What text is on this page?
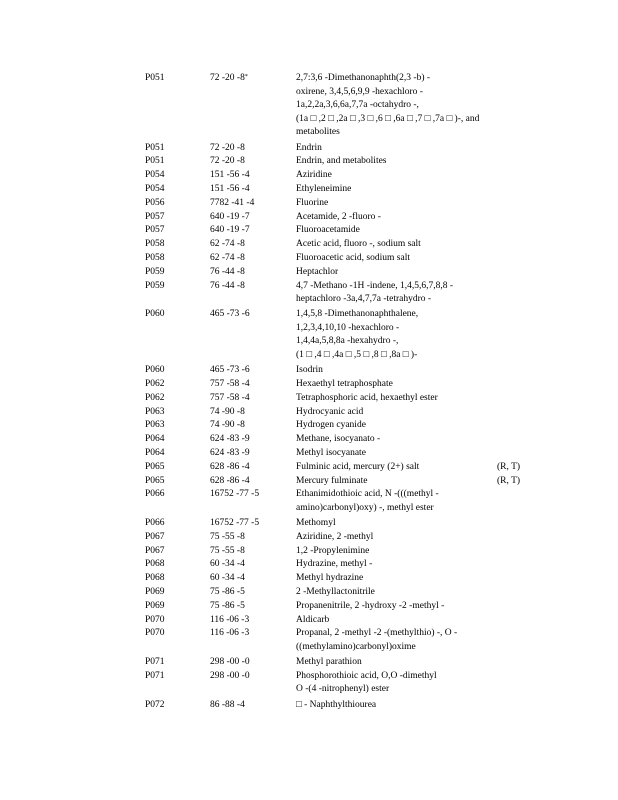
P051	72 -20 -8*	2,7:3,6 -Dimethanonaphth(2,3 -b) -
oxirene, 3,4,5,6,9,9 -hexachloro -
1a,2,2a,3,6,6a,7,7a -octahydro -,
(1a □ ,2 □ ,2a □ ,3 □ ,6 □ ,6a □ ,7 □ ,7a □ )-, and
metabolites
P051	72 -20 -8	Endrin
P051	72 -20 -8	Endrin, and metabolites
P054	151 -56 -4	Aziridine
P054	151 -56 -4	Ethyleneimine
P056	7782 -41 -4	Fluorine
P057	640 -19 -7	Acetamide, 2 -fluoro -
P057	640 -19 -7	Fluoroacetamide
P058	62 -74 -8	Acetic acid, fluoro -, sodium salt
P058	62 -74 -8	Fluoroacetic acid, sodium salt
P059	76 -44 -8	Heptachlor
P059	76 -44 -8	4,7 -Methano -1H -indene, 1,4,5,6,7,8,8 -
heptachloro -3a,4,7,7a -tetrahydro -
P060	465 -73 -6	1,4,5,8 -Dimethanonaphthalene,
1,2,3,4,10,10 -hexachloro -
1,4,4a,5,8,8a -hexahydro -,
(1 □ ,4 □ ,4a □ ,5 □ ,8 □ ,8a □ )-
P060	465 -73 -6	Isodrin
P062	757 -58 -4	Hexaethyl tetraphosphate
P062	757 -58 -4	Tetraphosphoric acid, hexaethyl ester
P063	74 -90 -8	Hydrocyanic acid
P063	74 -90 -8	Hydrogen cyanide
P064	624 -83 -9	Methane, isocyanato -
P064	624 -83 -9	Methyl isocyanate
P065	628 -86 -4	Fulminic acid, mercury (2+) salt	(R, T)
P065	628 -86 -4	Mercury fulminate	(R, T)
P066	16752 -77 -5	Ethanimidothioic acid, N -(((methyl -
amino)carbonyl)oxy) -, methyl ester
P066	16752 -77 -5	Methomyl
P067	75 -55 -8	Aziridine, 2 -methyl
P067	75 -55 -8	1,2 -Propylenimine
P068	60 -34 -4	Hydrazine, methyl -
P068	60 -34 -4	Methyl hydrazine
P069	75 -86 -5	2 -Methyllactonitrile
P069	75 -86 -5	Propanenitrile, 2 -hydroxy -2 -methyl -
P070	116 -06 -3	Aldicarb
P070	116 -06 -3	Propanal, 2 -methyl -2 -(methylthio) -, O -
((methylamino)carbonyl)oxime
P071	298 -00 -0	Methyl parathion
P071	298 -00 -0	Phosphorothioic acid, O,O -dimethyl
O -(4 -nitrophenyl) ester
P072	86 -88 -4	□ - Naphthylthiourea
